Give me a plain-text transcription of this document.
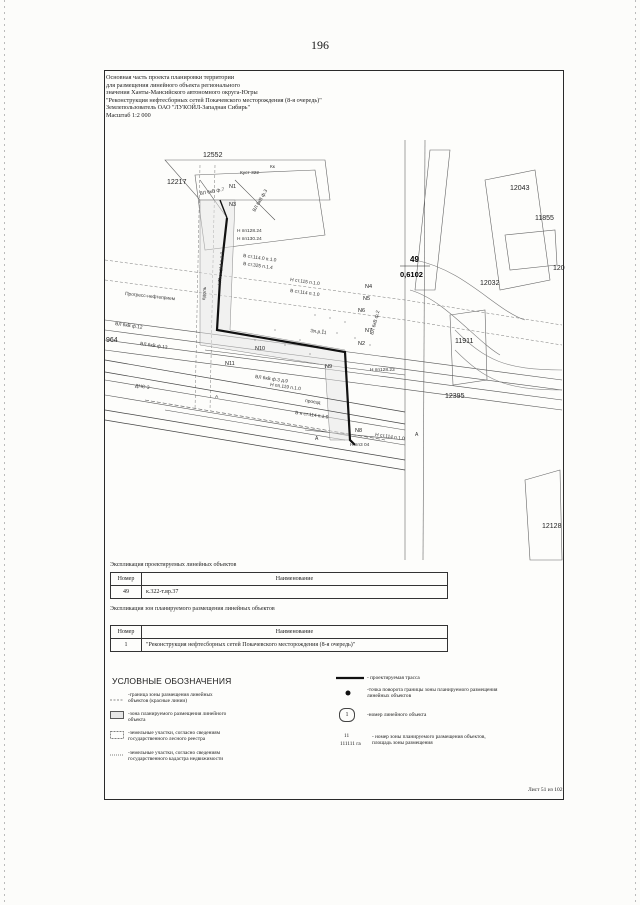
196
Основная часть проекта планировки территории
для размещения линейного объекта регионального
значения Ханты-Мансийского автономного округа-Югры
"Реконструкция нефтесборных сетей Покачевского месторождения (8-я очередь)"
Землепользователь ОАО "ЛУКОЙЛ-Западная Сибирь"
Масштаб 1:2 000
12552
12217
12043
11855
12032
11911
12395
12128
964
120
49
0,6102
N1
N2
N3
N4
N5
N6
N7
N8
N9
N10
N11
Куст 322
ВЛ 6кВ ф.7	ВЛ 6кВ ф.3
НП ст.114 п.1.0
Н пп128.24
Н пп130.24
В ст.114.0 п.1.0
В ст.325 п.1.4
Н ст.115 п.1.0
В ст.114 п.1.0
ВЛ 6кВ ф.12
Прогресс-нефтеприем
ВЛ 6кВ ф.13
Эл.р.11
вдоль
ДНС-3
А
ВЛ 6кВ ф.3 д.9
Н пп.119 п.1.0
проезд
В н ст.114 п.1.0
Н пп128.23
Н пп3 04
ВЛ 6кВ ф.2
Кк
Н ст.114 п.1.0
A
A
Экспликация проектируемых линейных объектов
Номер	Наименование
49	к.322-т.вр.37
Экспликация зон планируемого размещения линейных объектов
Номер	Наименование
1	"Реконструкция нефтесборных сетей Покачевского месторождения (8-я очередь)"
УСЛОВНЫЕ ОБОЗНАЧЕНИЯ
-граница зоны размещения линейных объектов (красные линии)
-зона планируемого размещения линейного объекта
-земельные участки, согласно сведениям государственного лесного реестра
-земельные участки, согласно сведениям государственного кадастра недвижимости
- проектируемая трасса
-точка поворота границы зоны планируемого размещения линейных объектов
1	-номер линейного объекта
11
111111 га
- номер зоны планируемого размещения объектов, площадь зоны размещения
Лист 51 из 102
